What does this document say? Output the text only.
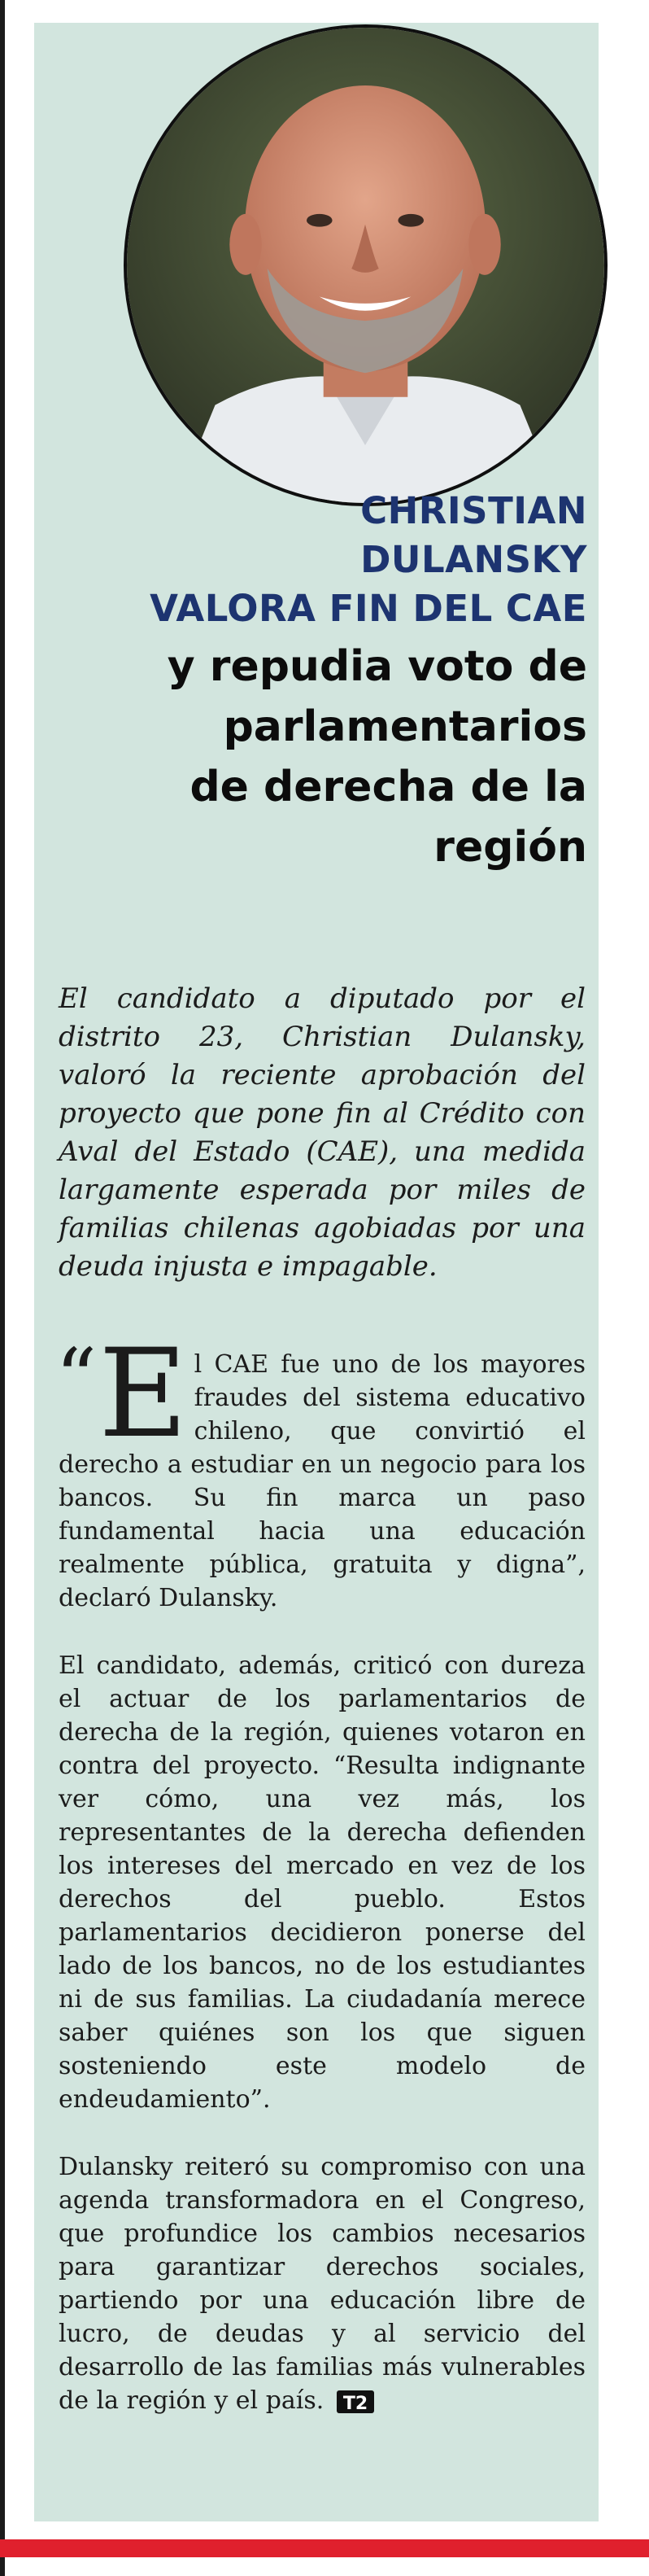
CHRISTIAN
DULANSKY
VALORA FIN DEL CAE
y repudia voto de
parlamentarios
de derecha de la
región

El candidato a diputado por el distrito 23, Christian Dulansky, valoró la reciente aprobación del proyecto que pone fin al Crédito con Aval del Estado (CAE), una medida largamente esperada por miles de familias chilenas agobiadas por una deuda injusta e impagable.

“ E l CAE fue uno de los mayores fraudes del sistema educativo chileno, que convirtió el derecho a estudiar en un negocio para los bancos. Su fin marca un paso fundamental hacia una educación realmente pública, gratuita y digna”, declaró Dulansky.

El candidato, además, criticó con dureza el actuar de los parlamentarios de derecha de la región, quienes votaron en contra del proyecto. “Resulta indignante ver cómo, una vez más, los representantes de la derecha defienden los intereses del mercado en vez de los derechos del pueblo. Estos parlamentarios decidieron ponerse del lado de los bancos, no de los estudiantes ni de sus familias. La ciudadanía merece saber quiénes son los que siguen sosteniendo este modelo de endeudamiento”.

Dulansky reiteró su compromiso con una agenda transformadora en el Congreso, que profundice los cambios necesarios para garantizar derechos sociales, partiendo por una educación libre de lucro, de deudas y al servicio del desarrollo de las familias más vulnerables de la región y el país. T2
